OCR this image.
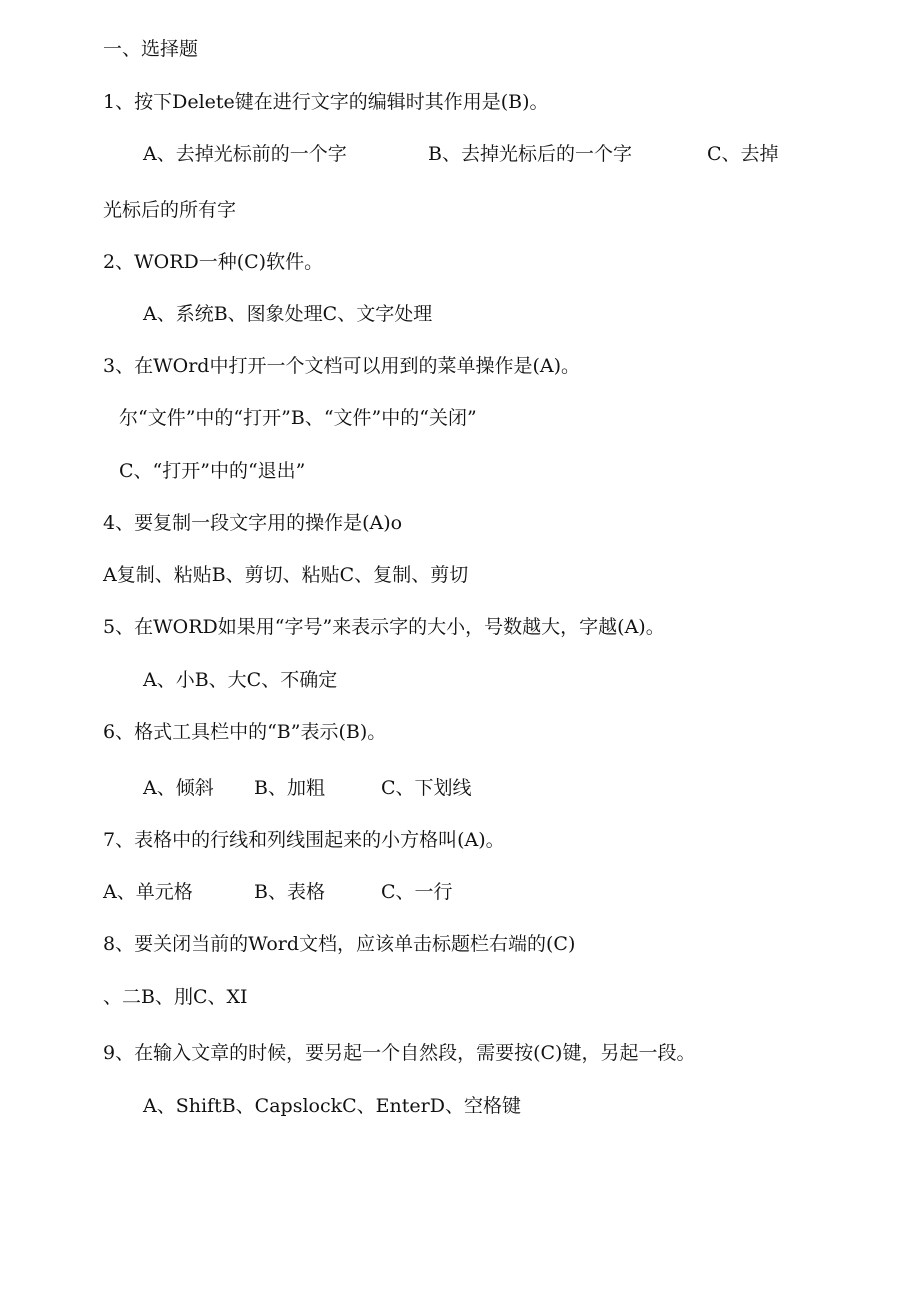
一、选择题
1、按下Delete键在进行文字的编辑时其作用是(B)。
A、去掉光标前的一个字	B、去掉光标后的一个字	C、去掉
光标后的所有字
2、WORD一种(C)软件。
A、系统B、图象处理C、文字处理
3、在WOrd中打开一个文档可以用到的菜单操作是(A)。
尔“文件”中的“打开”B、“文件”中的“关闭”
C、“打开”中的“退出”
4、要复制一段文字用的操作是(A)o
A复制、粘贴B、剪切、粘贴C、复制、剪切
5、在WORD如果用“字号”来表示字的大小，号数越大，字越(A)。
A、小B、大C、不确定
6、格式工具栏中的“B”表示(B)。
A、倾斜 B、加粗	C、下划线
7、表格中的行线和列线围起来的小方格叫(A)。
A、单元格	B、表格	C、一行
8、要关闭当前的Word文档，应该单击标题栏右端的(C)
、二B、刖C、XI
9、在输入文章的时候，要另起一个自然段，需要按(C)键，另起一段。
A、ShiftB、CapslockC、EnterD、空格键
